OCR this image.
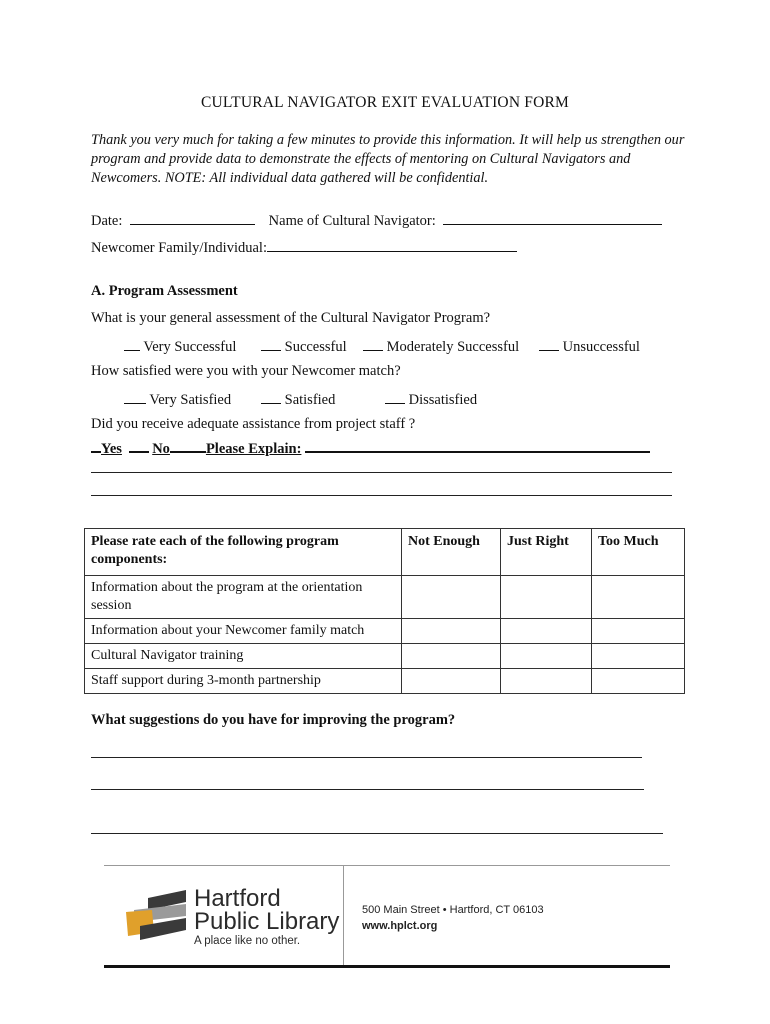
CULTURAL NAVIGATOR EXIT EVALUATION FORM
Thank you very much for taking a few minutes to provide this information. It will help us strengthen our program and provide data to demonstrate the effects of mentoring on Cultural Navigators and Newcomers. NOTE: All individual data gathered will be confidential.
Date:	Name of Cultural Navigator:
Newcomer Family/Individual:
A. Program Assessment
What is your general assessment of the Cultural Navigator Program?
Very Successful	Successful	Moderately Successful	Unsuccessful
How satisfied were you with your Newcomer match?
Very Satisfied	Satisfied	Dissatisfied
Did you receive adequate assistance from project staff ?
Yes No Please Explain:
Please rate each of the following program components:	Not Enough	Just Right	Too Much
Information about the program at the orientation session			
Information about your Newcomer family match			
Cultural Navigator training			
Staff support during 3-month partnership			
What suggestions do you have for improving the program?
Hartford
Public Library
A place like no other.
500 Main Street • Hartford, CT 06103
www.hplct.org
